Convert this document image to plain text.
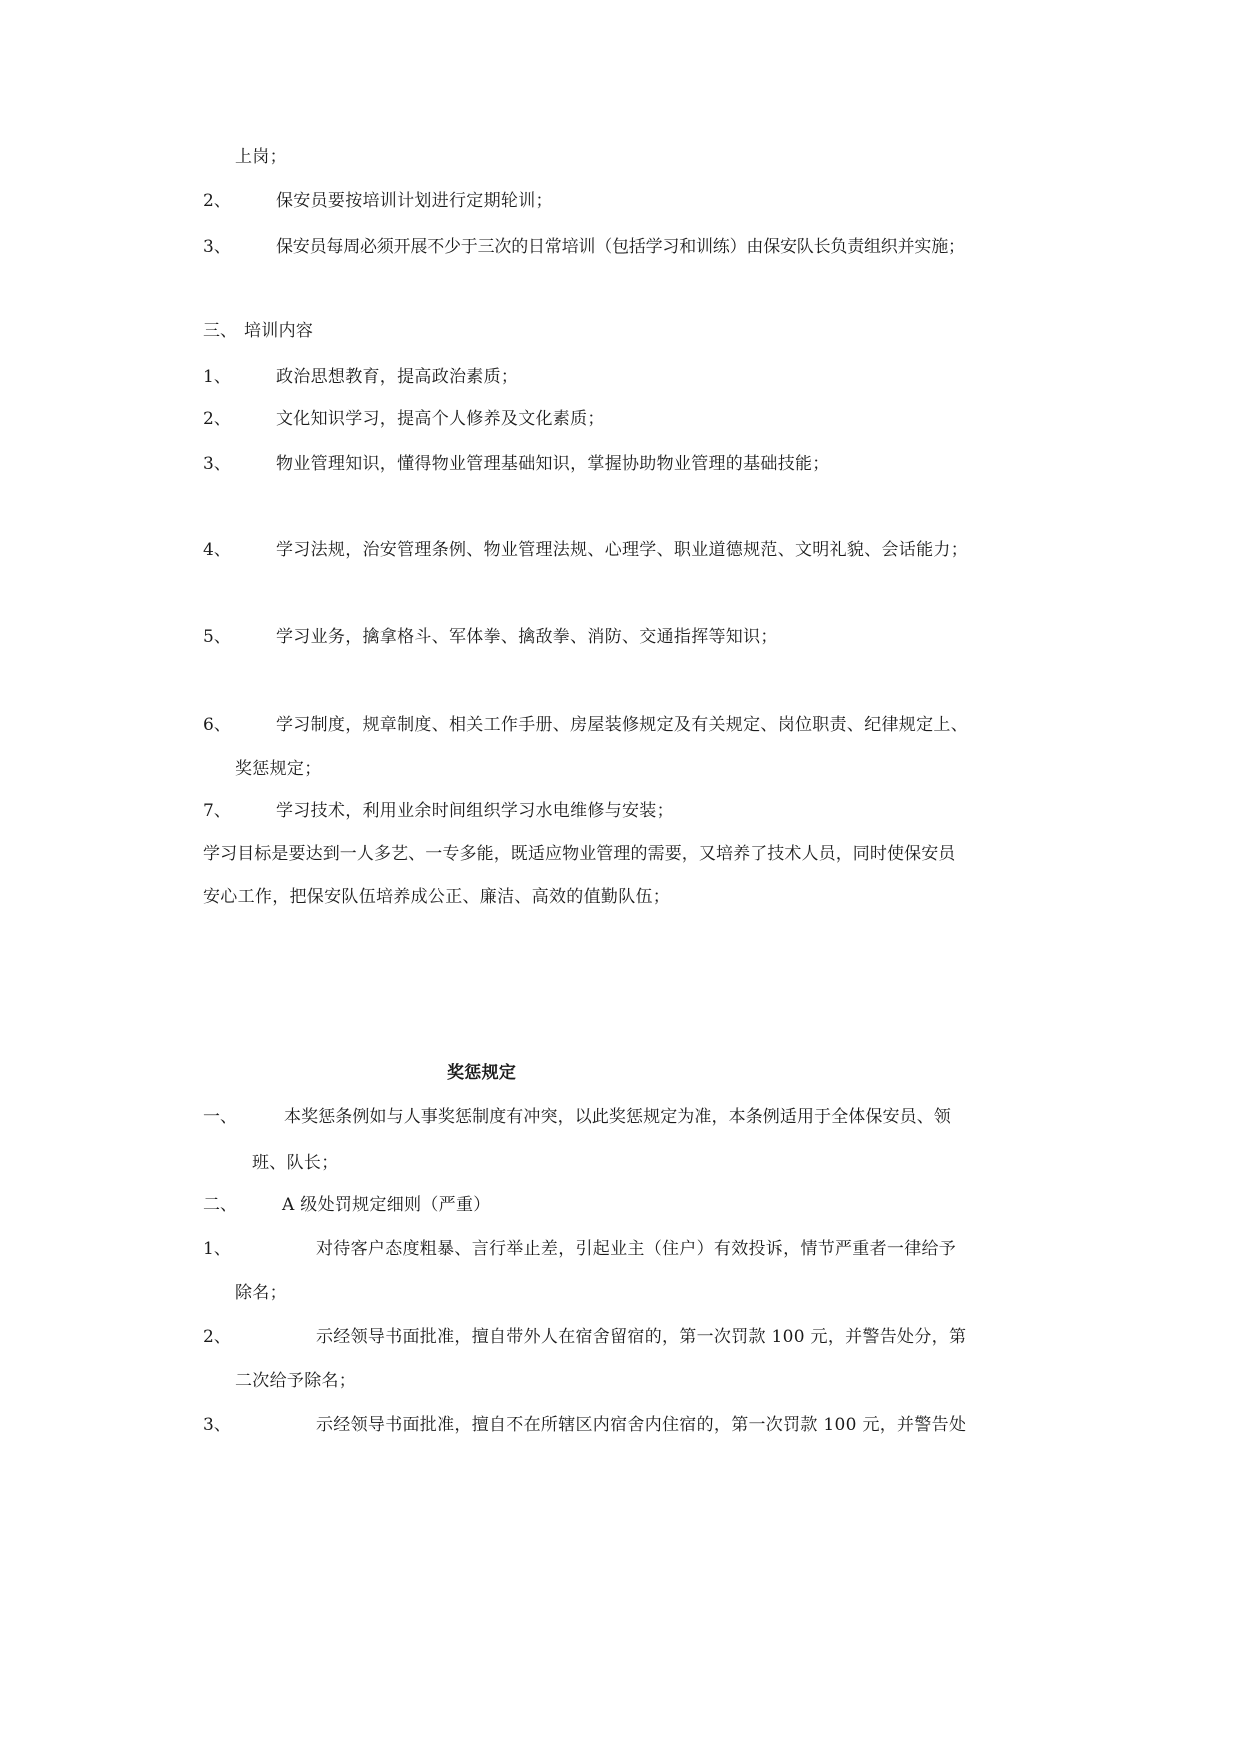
上岗；
2、	保安员要按培训计划进行定期轮训；
3、	保安员每周必须开展不少于三次的日常培训（包括学习和训练）由保安队长负责组织并实施；
三、 培训内容
1、	政治思想教育，提高政治素质；
2、	文化知识学习，提高个人修养及文化素质；
3、	物业管理知识，懂得物业管理基础知识，掌握协助物业管理的基础技能；
4、	学习法规，治安管理条例、物业管理法规、心理学、职业道德规范、文明礼貌、会话能力；
5、	学习业务，擒拿格斗、军体拳、擒敌拳、消防、交通指挥等知识；
6、	学习制度，规章制度、相关工作手册、房屋装修规定及有关规定、岗位职责、纪律规定上、
奖惩规定；
7、	学习技术，利用业余时间组织学习水电维修与安装；
学习目标是要达到一人多艺、一专多能，既适应物业管理的需要，又培养了技术人员，同时使保安员
安心工作，把保安队伍培养成公正、廉洁、高效的值勤队伍；
奖惩规定
一、	本奖惩条例如与人事奖惩制度有冲突，以此奖惩规定为准，本条例适用于全体保安员、领
班、队长；
二、	A 级处罚规定细则（严重）
1、	对待客户态度粗暴、言行举止差，引起业主（住户）有效投诉，情节严重者一律给予
除名；
2、	示经领导书面批准，擅自带外人在宿舍留宿的，第一次罚款 100 元，并警告处分，第
二次给予除名；
3、	示经领导书面批准，擅自不在所辖区内宿舍内住宿的，第一次罚款 100 元，并警告处
